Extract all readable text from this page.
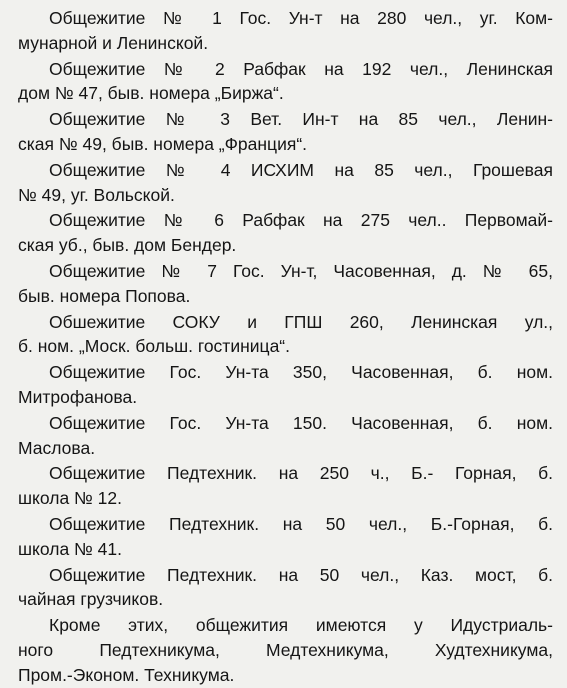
Общежитие № 1 Гос. Ун-т на 280 чел., уг. Ком-
мунарной и Ленинской.

Общежитие № 2 Рабфак на 192 чел., Ленинская
дом № 47, быв. номера „Биржа“.

Общежитие № 3 Вет. Ин-т на 85 чел., Ленин-
ская № 49, быв. номера „Франция“.

Общежитие № 4 ИСХИМ на 85 чел., Грошевая
№ 49, уг. Вольской.

Общежитие № 6 Рабфак на 275 чел.. Первомай-
ская уб., быв. дом Бендер.

Общежитие № 7 Гос. Ун-т, Часовенная, д. № 65,
быв. номера Попова.

Обшежитие СОКУ и ГПШ 260, Ленинская ул.,
б. ном. „Моск. больш. гостиница“.

Общежитие Гос. Ун-та 350, Часовенная, б. ном.
Митрофанова.

Общежитие Гос. Ун-та 150. Часовенная, б. ном.
Маслова.

Общежитие Педтехник. на 250 ч., Б.- Горная, б.
школа № 12.

Общежитие Педтехник. на 50 чел., Б.-Горная, б.
школа № 41.

Общежитие Педтехник. на 50 чел., Каз. мост, б.
чайная грузчиков.

Кроме этих, общежития имеются у Идустриаль-
ного Педтехникума, Медтехникума, Худтехникума,
Пром.-Эконом. Техникума.
